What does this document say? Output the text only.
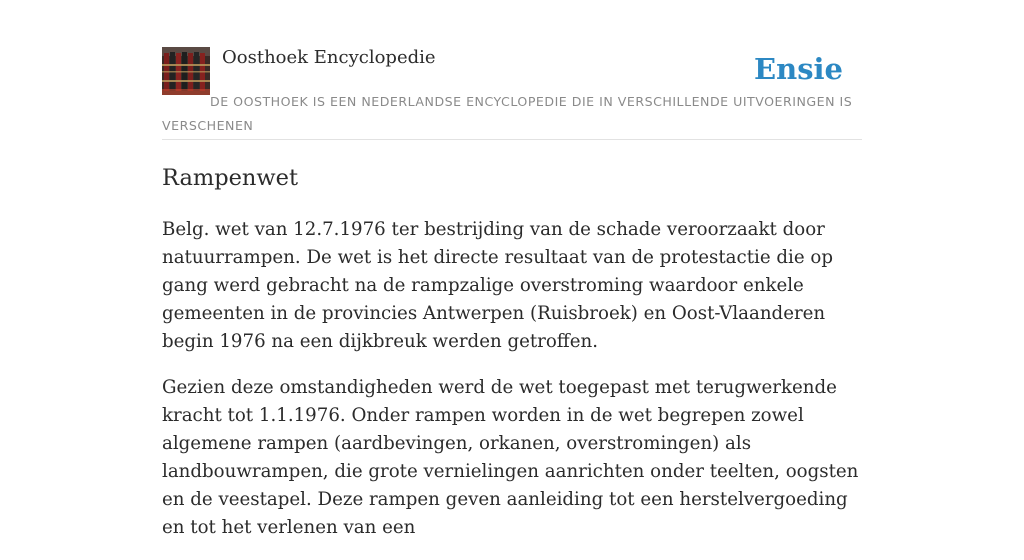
Oosthoek Encyclopedie	Ensie
DE OOSTHOEK IS EEN NEDERLANDSE ENCYCLOPEDIE DIE IN VERSCHILLENDE UITVOERINGEN IS VERSCHENEN
Rampenwet

Belg. wet van 12.7.1976 ter bestrijding van de schade veroorzaakt door natuurrampen. De wet is het directe resultaat van de protestactie die op gang werd gebracht na de rampzalige overstroming waardoor enkele gemeenten in de provincies Antwerpen (Ruisbroek) en Oost-Vlaanderen begin 1976 na een dijkbreuk werden getroffen.

Gezien deze omstandigheden werd de wet toegepast met terugwerkende kracht tot 1.1.1976. Onder rampen worden in de wet begrepen zowel algemene rampen (aardbevingen, orkanen, overstromingen) als landbouwrampen, die grote vernielingen aanrichten onder teelten, oogsten en de veestapel. Deze rampen geven aanleiding tot een herstelvergoeding en tot het verlenen van een
